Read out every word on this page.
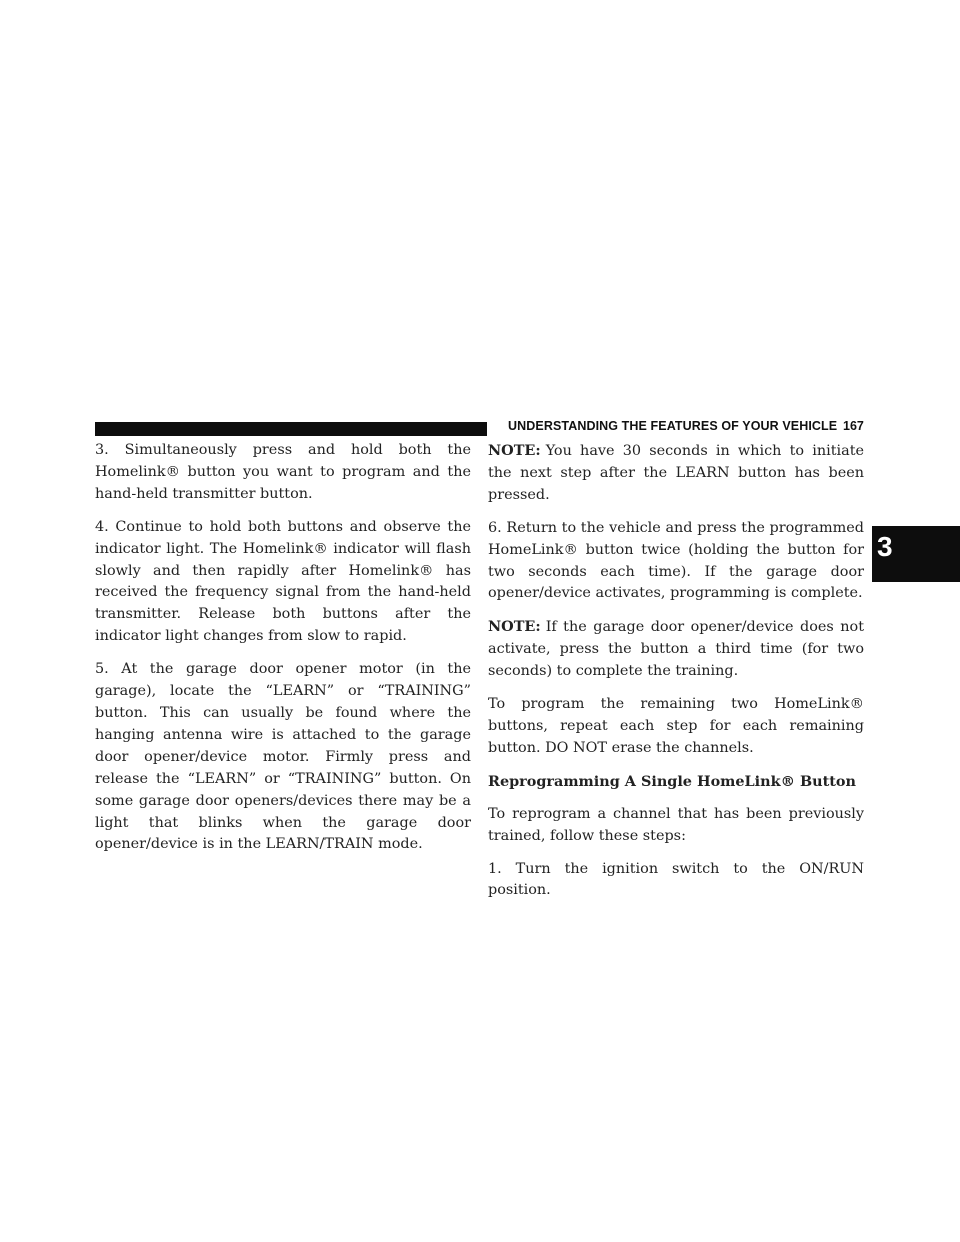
UNDERSTANDING THE FEATURES OF YOUR VEHICLE 167
3

3. Simultaneously press and hold both the Homelink® button you want to program and the hand-held transmitter button.

4. Continue to hold both buttons and observe the indicator light. The Homelink® indicator will flash slowly and then rapidly after Homelink® has received the frequency signal from the hand-held transmitter. Release both buttons after the indicator light changes from slow to rapid.

5. At the garage door opener motor (in the garage), locate the “LEARN” or “TRAINING” button. This can usually be found where the hanging antenna wire is attached to the garage door opener/device motor. Firmly press and release the “LEARN” or “TRAINING” button. On some garage door openers/devices there may be a light that blinks when the garage door opener/device is in the LEARN/TRAIN mode.

NOTE: You have 30 seconds in which to initiate the next step after the LEARN button has been pressed.

6. Return to the vehicle and press the programmed HomeLink® button twice (holding the button for two seconds each time). If the garage door opener/device activates, programming is complete.

NOTE: If the garage door opener/device does not activate, press the button a third time (for two seconds) to complete the training.

To program the remaining two HomeLink® buttons, repeat each step for each remaining button. DO NOT erase the channels.

Reprogramming A Single HomeLink® Button

To reprogram a channel that has been previously trained, follow these steps:

1. Turn the ignition switch to the ON/RUN position.
